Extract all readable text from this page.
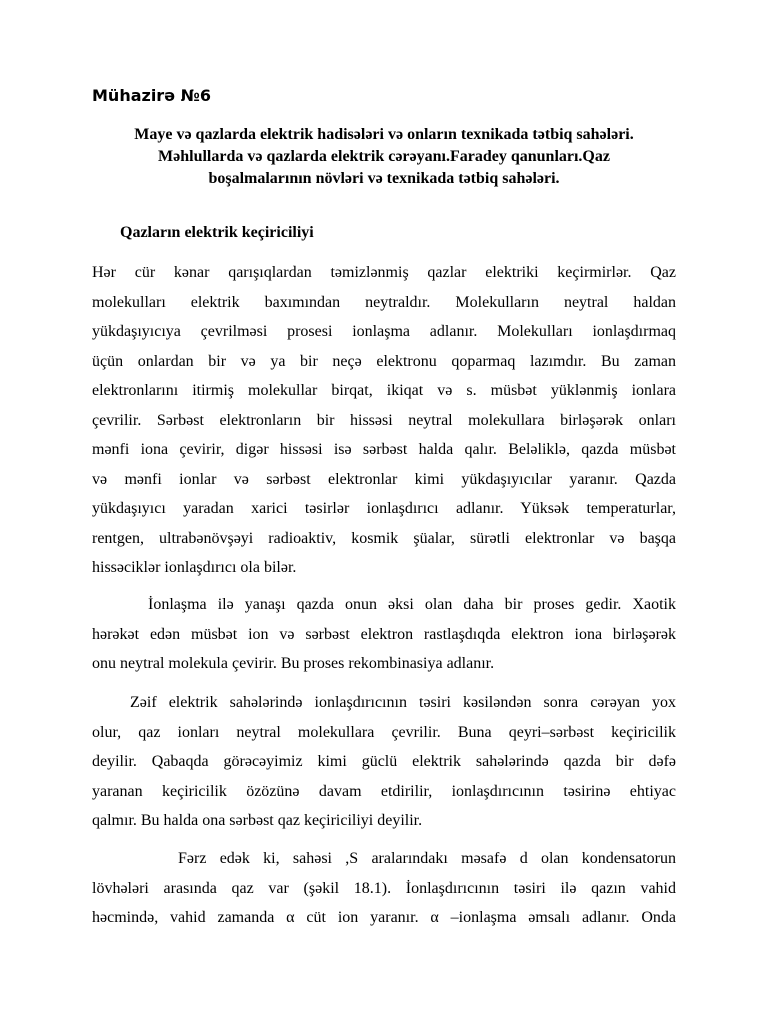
Mühazirə №6
Maye və qazlarda elektrik hadisələri və onların texnikada tətbiq sahələri.
Məhlullarda və qazlarda elektrik cərəyanı.Faradey qanunları.Qaz
boşalmalarının növləri və texnikada tətbiq sahələri.
Qazların elektrik keçiriciliyi
Hər cür kənar qarışıqlardan təmizlənmiş qazlar elektriki keçirmirlər. Qaz
molekulları elektrik baxımından neytraldır. Molekulların neytral haldan
yükdaşıyıcıya çevrilməsi prosesi ionlaşma adlanır. Molekulları ionlaşdırmaq
üçün onlardan bir və ya bir neçə elektronu qoparmaq lazımdır. Bu zaman
elektronlarını itirmiş molekullar birqat, ikiqat və s. müsbət yüklənmiş ionlara
çevrilir. Sərbəst elektronların bir hissəsi neytral molekullara birləşərək onları
mənfi iona çevirir, digər hissəsi isə sərbəst halda qalır. Beləliklə, qazda müsbət
və mənfi ionlar və sərbəst elektronlar kimi yükdaşıyıcılar yaranır. Qazda
yükdaşıyıcı yaradan xarici təsirlər ionlaşdırıcı adlanır. Yüksək temperaturlar,
rentgen, ultrabənövşəyi radioaktiv, kosmik şüalar, sürətli elektronlar və başqa
hissəciklər ionlaşdırıcı ola bilər.
İonlaşma ilə yanaşı qazda onun əksi olan daha bir proses gedir. Xaotik
hərəkət edən müsbət ion və sərbəst elektron rastlaşdıqda elektron iona birləşərək
onu neytral molekula çevirir. Bu proses rekombinasiya adlanır.
Zəif elektrik sahələrində ionlaşdırıcının təsiri kəsiləndən sonra cərəyan yox
olur, qaz ionları neytral molekullara çevrilir. Buna qeyri–sərbəst keçiricilik
deyilir. Qabaqda görəcəyimiz kimi güclü elektrik sahələrində qazda bir dəfə
yaranan keçiricilik özözünə davam etdirilir, ionlaşdırıcının təsirinə ehtiyac
qalmır. Bu halda ona sərbəst qaz keçiriciliyi deyilir.
Fərz edək ki, sahəsi ,S aralarındakı məsafə d olan kondensatorun
lövhələri arasında qaz var (şəkil 18.1). İonlaşdırıcının təsiri ilə qazın vahid
həcmində, vahid zamanda α cüt ion yaranır. α –ionlaşma əmsalı adlanır. Onda
